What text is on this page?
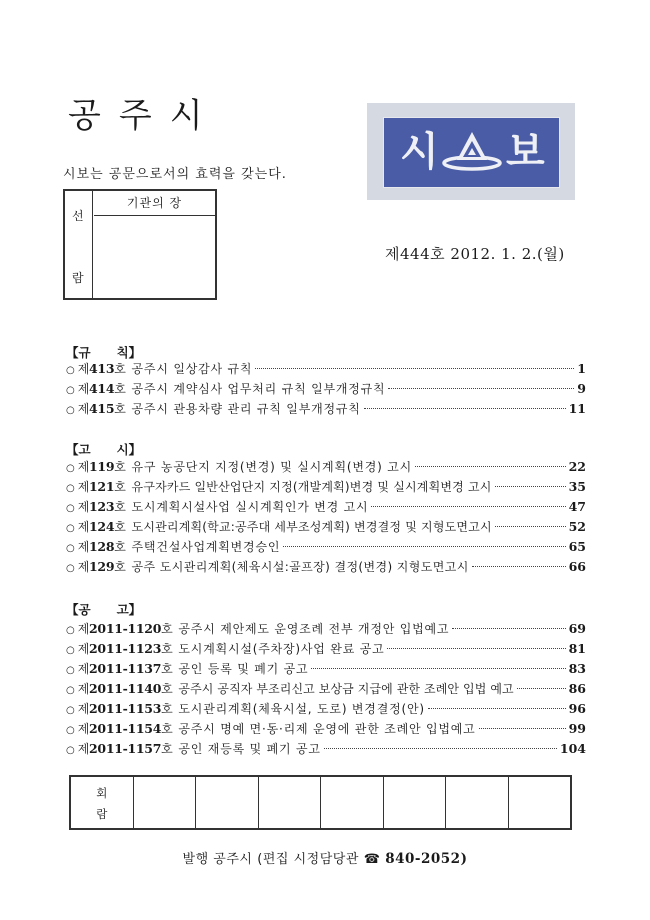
공주시
시보는 공문으로서의 효력을 갖는다.
선
람
기관의 장
시 보
제444호 2012. 1. 2.(월)
【규 칙】
○ 제413호 공주시 일상감사 규칙	1
○ 제414호 공주시 계약심사 업무처리 규칙 일부개정규칙	9
○ 제415호 공주시 관용차량 관리 규칙 일부개정규칙	11
【고 시】
○ 제119호 유구 농공단지 지정(변경) 및 실시계획(변경) 고시	22
○ 제121호 유구자카드 일반산업단지 지정(개발계획)변경 및 실시계획변경 고시	35
○ 제123호 도시계획시설사업 실시계획인가 변경 고시	47
○ 제124호 도시관리계획(학교:공주대 세부조성계획) 변경결정 및 지형도면고시	52
○ 제128호 주택건설사업계획변경승인	65
○ 제129호 공주 도시관리계획(체육시설:골프장) 결정(변경) 지형도면고시	66
【공 고】
○ 제2011-1120호 공주시 제안제도 운영조례 전부 개정안 입법예고	69
○ 제2011-1123호 도시계획시설(주차장)사업 완료 공고	81
○ 제2011-1137호 공인 등록 및 폐기 공고	83
○ 제2011-1140호 공주시 공직자 부조리신고 보상금 지급에 관한 조례안 입법 예고	86
○ 제2011-1153호 도시관리계획(체육시설, 도로) 변경결정(안)	96
○ 제2011-1154호 공주시 명예 면·동·리제 운영에 관한 조례안 입법예고	99
○ 제2011-1157호 공인 재등록 및 폐기 공고	104
회
람
발행 공주시 (편집 시정담당관 ☎ 840-2052)
